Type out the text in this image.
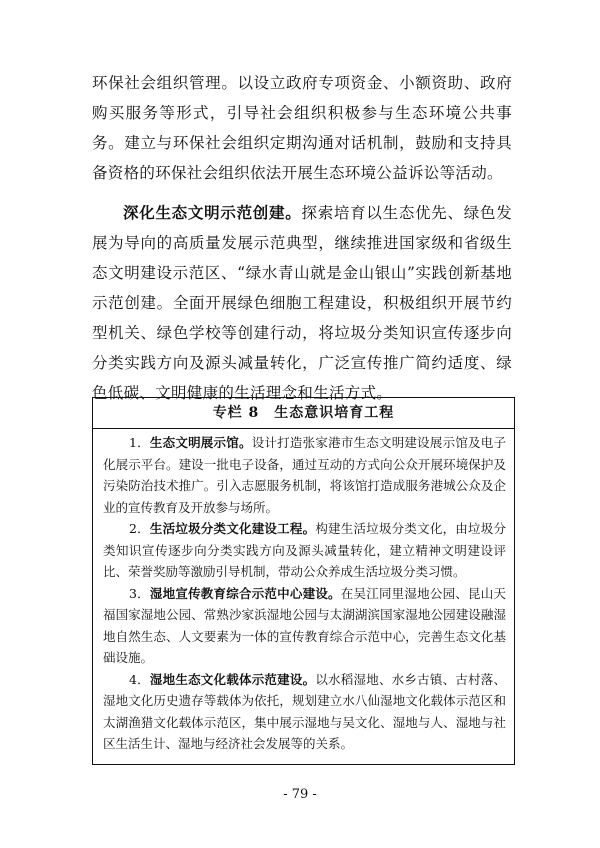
环保社会组织管理。以设立政府专项资金、小额资助、政府购买服务等形式，引导社会组织积极参与生态环境公共事务。建立与环保社会组织定期沟通对话机制，鼓励和支持具备资格的环保社会组织依法开展生态环境公益诉讼等活动。
深化生态文明示范创建。探索培育以生态优先、绿色发展为导向的高质量发展示范典型，继续推进国家级和省级生态文明建设示范区、“绿水青山就是金山银山”实践创新基地示范创建。全面开展绿色细胞工程建设，积极组织开展节约型机关、绿色学校等创建行动，将垃圾分类知识宣传逐步向分类实践方向及源头减量转化，广泛宣传推广简约适度、绿色低碳、文明健康的生活理念和生活方式。
专栏 8　生态意识培育工程

1．生态文明展示馆。设计打造张家港市生态文明建设展示馆及电子化展示平台。建设一批电子设备，通过互动的方式向公众开展环境保护及污染防治技术推广。引入志愿服务机制，将该馆打造成服务港城公众及企业的宣传教育及开放参与场所。

2．生活垃圾分类文化建设工程。构建生活垃圾分类文化，由垃圾分类知识宣传逐步向分类实践方向及源头减量转化，建立精神文明建设评比、荣誉奖励等激励引导机制，带动公众养成生活垃圾分类习惯。

3．湿地宣传教育综合示范中心建设。在吴江同里湿地公园、昆山天福国家湿地公园、常熟沙家浜湿地公园与太湖湖滨国家湿地公园建设融湿地自然生态、人文要素为一体的宣传教育综合示范中心，完善生态文化基础设施。

4．湿地生态文化载体示范建设。以水稻湿地、水乡古镇、古村落、湿地文化历史遗存等载体为依托，规划建立水八仙湿地文化载体示范区和太湖渔猎文化载体示范区，集中展示湿地与吴文化、湿地与人、湿地与社区生活生计、湿地与经济社会发展等的关系。

- 79 -
